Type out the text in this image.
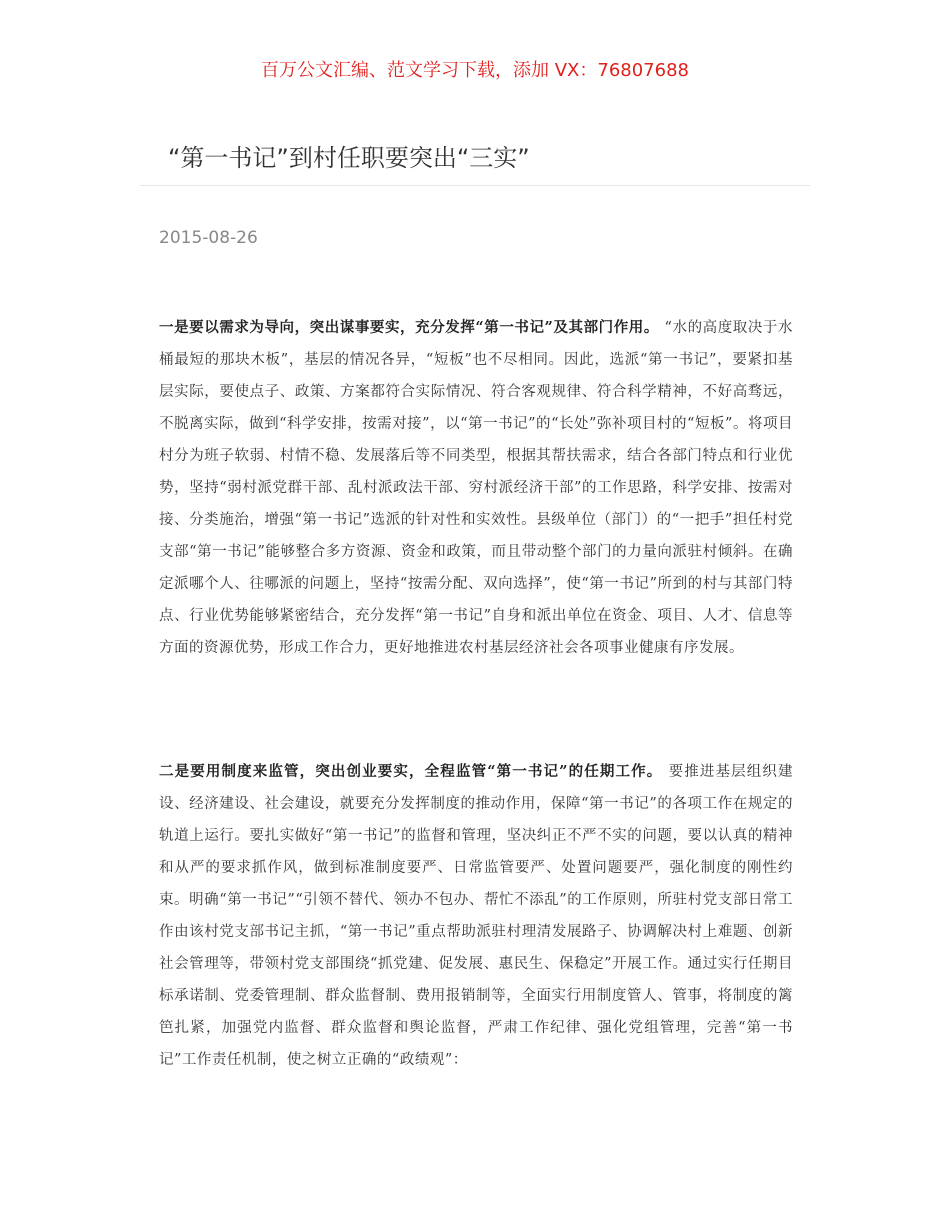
百万公文汇编、范文学习下载，添加 VX：76807688
“第一书记”到村任职要突出“三实”
2015-08-26

一是要以需求为导向，突出谋事要实，充分发挥“第一书记”及其部门作用。 “水的高度取决于水桶最短的那块木板”，基层的情况各异，“短板”也不尽相同。因此，选派“第一书记”，要紧扣基层实际，要使点子、政策、方案都符合实际情况、符合客观规律、符合科学精神，不好高骛远，不脱离实际，做到“科学安排，按需对接”，以“第一书记”的“长处”弥补项目村的“短板”。将项目村分为班子软弱、村情不稳、发展落后等不同类型，根据其帮扶需求，结合各部门特点和行业优势，坚持“弱村派党群干部、乱村派政法干部、穷村派经济干部”的工作思路，科学安排、按需对接、分类施治，增强“第一书记”选派的针对性和实效性。县级单位（部门）的“一把手”担任村党支部“第一书记”能够整合多方资源、资金和政策，而且带动整个部门的力量向派驻村倾斜。在确定派哪个人、往哪派的问题上，坚持“按需分配、双向选择”，使“第一书记”所到的村与其部门特点、行业优势能够紧密结合，充分发挥“第一书记”自身和派出单位在资金、项目、人才、信息等方面的资源优势，形成工作合力，更好地推进农村基层经济社会各项事业健康有序发展。

二是要用制度来监管，突出创业要实，全程监管“第一书记”的任期工作。 要推进基层组织建设、经济建设、社会建设，就要充分发挥制度的推动作用，保障“第一书记”的各项工作在规定的轨道上运行。要扎实做好“第一书记”的监督和管理，坚决纠正不严不实的问题，要以认真的精神和从严的要求抓作风，做到标准制度要严、日常监管要严、处置问题要严，强化制度的刚性约束。明确“第一书记”“引领不替代、领办不包办、帮忙不添乱”的工作原则，所驻村党支部日常工作由该村党支部书记主抓，“第一书记”重点帮助派驻村理清发展路子、协调解决村上难题、创新社会管理等，带领村党支部围绕“抓党建、促发展、惠民生、保稳定”开展工作。通过实行任期目标承诺制、党委管理制、群众监督制、费用报销制等，全面实行用制度管人、管事，将制度的篱笆扎紧，加强党内监督、群众监督和舆论监督，严肃工作纪律、强化党组管理，完善“第一书记”工作责任机制，使之树立正确的“政绩观”：
